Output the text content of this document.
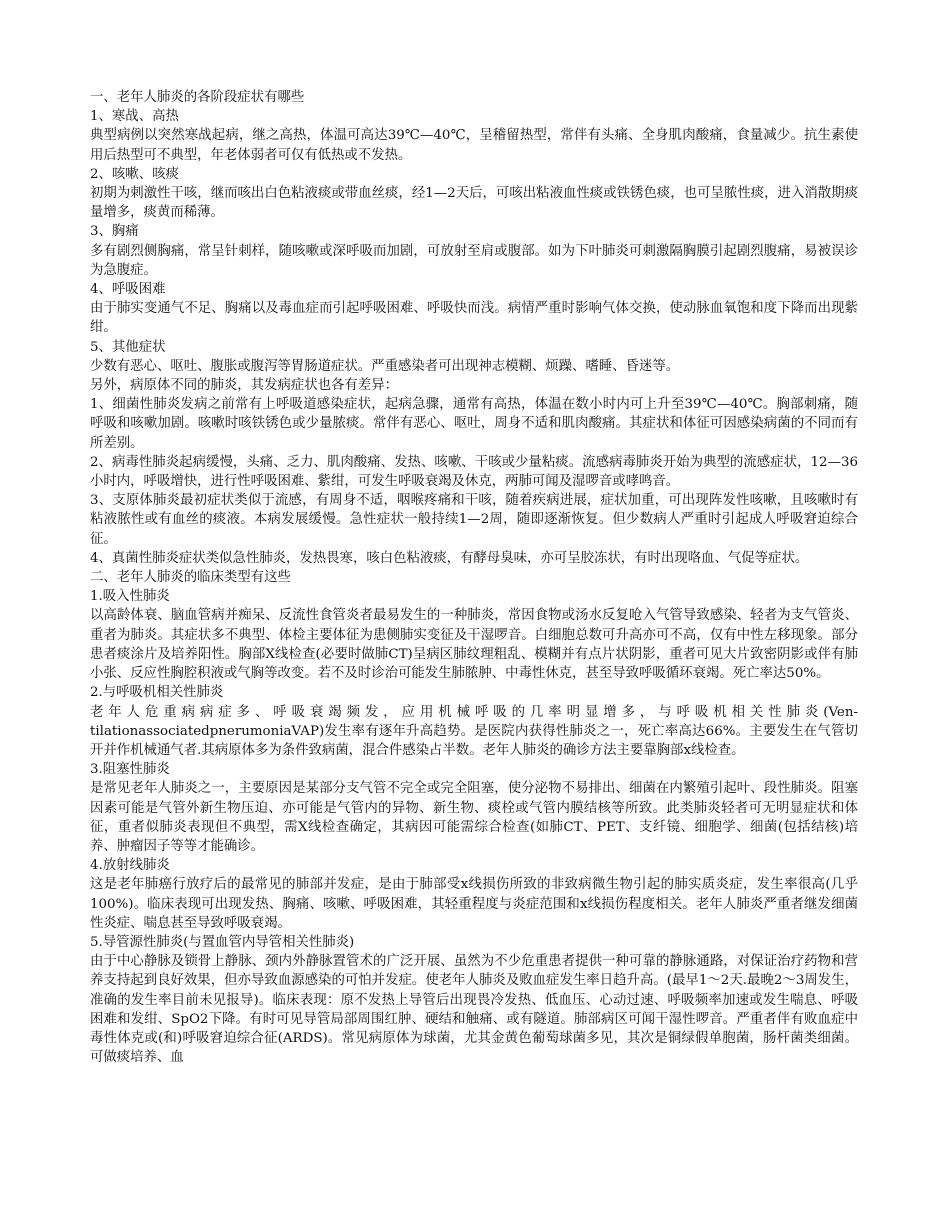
一、老年人肺炎的各阶段症状有哪些

1、寒战、高热

典型病例以突然寒战起病，继之高热，体温可高达39℃—40℃，呈稽留热型，常伴有头痛、全身肌肉酸痛，食量减少。抗生素使用后热型可不典型，年老体弱者可仅有低热或不发热。

2、咳嗽、咳痰

初期为刺激性干咳，继而咳出白色粘液痰或带血丝痰，经1—2天后，可咳出粘液血性痰或铁锈色痰，也可呈脓性痰，进入消散期痰量增多，痰黄而稀薄。

3、胸痛

多有剧烈侧胸痛，常呈针刺样，随咳嗽或深呼吸而加剧，可放射至肩或腹部。如为下叶肺炎可刺激隔胸膜引起剧烈腹痛，易被误诊为急腹症。

4、呼吸困难

由于肺实变通气不足、胸痛以及毒血症而引起呼吸困难、呼吸快而浅。病情严重时影响气体交换，使动脉血氧饱和度下降而出现紫绀。

5、其他症状

少数有恶心、呕吐、腹胀或腹泻等胃肠道症状。严重感染者可出现神志模糊、烦躁、嗜睡、昏迷等。

另外，病原体不同的肺炎，其发病症状也各有差异：

1、细菌性肺炎发病之前常有上呼吸道感染症状，起病急骤，通常有高热，体温在数小时内可上升至39℃—40℃。胸部刺痛，随呼吸和咳嗽加剧。咳嗽时咳铁锈色或少量脓痰。常伴有恶心、呕吐，周身不适和肌肉酸痛。其症状和体征可因感染病菌的不同而有所差别。

2、病毒性肺炎起病缓慢，头痛、乏力、肌肉酸痛、发热、咳嗽、干咳或少量粘痰。流感病毒肺炎开始为典型的流感症状，12—36小时内，呼吸增快，进行性呼吸困难、紫绀，可发生呼吸衰竭及休克，两肺可闻及湿啰音或哮鸣音。

3、支原体肺炎最初症状类似于流感，有周身不适，咽喉疼痛和干咳，随着疾病进展，症状加重，可出现阵发性咳嗽，且咳嗽时有粘液脓性或有血丝的痰液。本病发展缓慢。急性症状一般持续1—2周，随即逐渐恢复。但少数病人严重时引起成人呼吸窘迫综合征。

4、真菌性肺炎症状类似急性肺炎，发热畏寒，咳白色粘液痰，有酵母臭味，亦可呈胶冻状，有时出现咯血、气促等症状。

二、老年人肺炎的临床类型有这些

1.吸入性肺炎

以高龄体衰、脑血管病并痴呆、反流性食管炎者最易发生的一种肺炎，常因食物或汤水反复呛入气管导致感染、轻者为支气管炎、重者为肺炎。其症状多不典型、体检主要体征为患侧肺实变征及干湿啰音。白细胞总数可升高亦可不高，仅有中性左移现象。部分患者痰涂片及培养阳性。胸部X线检查(必要时做肺CT)呈病区肺纹理粗乱、模糊并有点片状阴影，重者可见大片致密阴影或伴有肺小张、反应性胸腔积液或气胸等改变。若不及时诊治可能发生肺脓肿、中毒性休克，甚至导致呼吸循环衰竭。死亡率达50%。

2.与呼吸机相关性肺炎

老年人危重病病症多、呼吸衰竭频发，应用机械呼吸的几率明显增多，与呼吸机相关性肺炎(Ven-tilationassociatedpnerumoniaVAP)发生率有逐年升高趋势。是医院内获得性肺炎之一，死亡率高达66%。主要发生在气管切开并作机械通气者.其病原体多为条件致病菌，混合件感染占半数。老年人肺炎的确诊方法主要靠胸部x线检查。

3.阻塞性肺炎

是常见老年人肺炎之一，主要原因是某部分支气管不完全或完全阻塞，使分泌物不易排出、细菌在内繁殖引起叶、段性肺炎。阻塞因素可能是气管外新生物压迫、亦可能是气管内的异物、新生物、痰栓或气管内膜结核等所致。此类肺炎轻者可无明显症状和体征，重者似肺炎表现但不典型，需X线检查确定，其病因可能需综合检查(如肺CT、PET、支纤镜、细胞学、细菌(包括结核)培养、肿瘤因子等等才能确诊。

4.放射线肺炎

这是老年肺癌行放疗后的最常见的肺部并发症，是由于肺部受x线损伤所致的非致病微生物引起的肺实质炎症，发生率很高(几乎100%)。临床表现可出现发热、胸痛、咳嗽、呼吸困难，其轻重程度与炎症范围和x线损伤程度相关。老年人肺炎严重者继发细菌性炎症、喘息甚至导致呼吸衰竭。

5.导管源性肺炎(与置血管内导管相关性肺炎)

由于中心静脉及锁骨上静脉、颈内外静脉置管术的广泛开展、虽然为不少危重患者提供一种可靠的静脉通路，对保证治疗药物和营养支持起到良好效果，但亦导致血源感染的可怕并发症。使老年人肺炎及败血症发生率日趋升高。(最早1～2天.最晚2～3周发生，准确的发生率目前未见报导)。临床表现：原不发热上导管后出现畏冷发热、低血压、心动过速、呼吸频率加速或发生喘息、呼吸困难和发绀、SpO2下降。有时可见导管局部周围红肿、硬结和触痛、或有隧道。肺部病区可闻干湿性啰音。严重者伴有败血症中毒性体克或(和)呼吸窘迫综合征(ARDS)。常见病原体为球菌，尤其金黄色葡萄球菌多见，其次是铜绿假单胞菌，肠杆菌类细菌。可做痰培养、血
